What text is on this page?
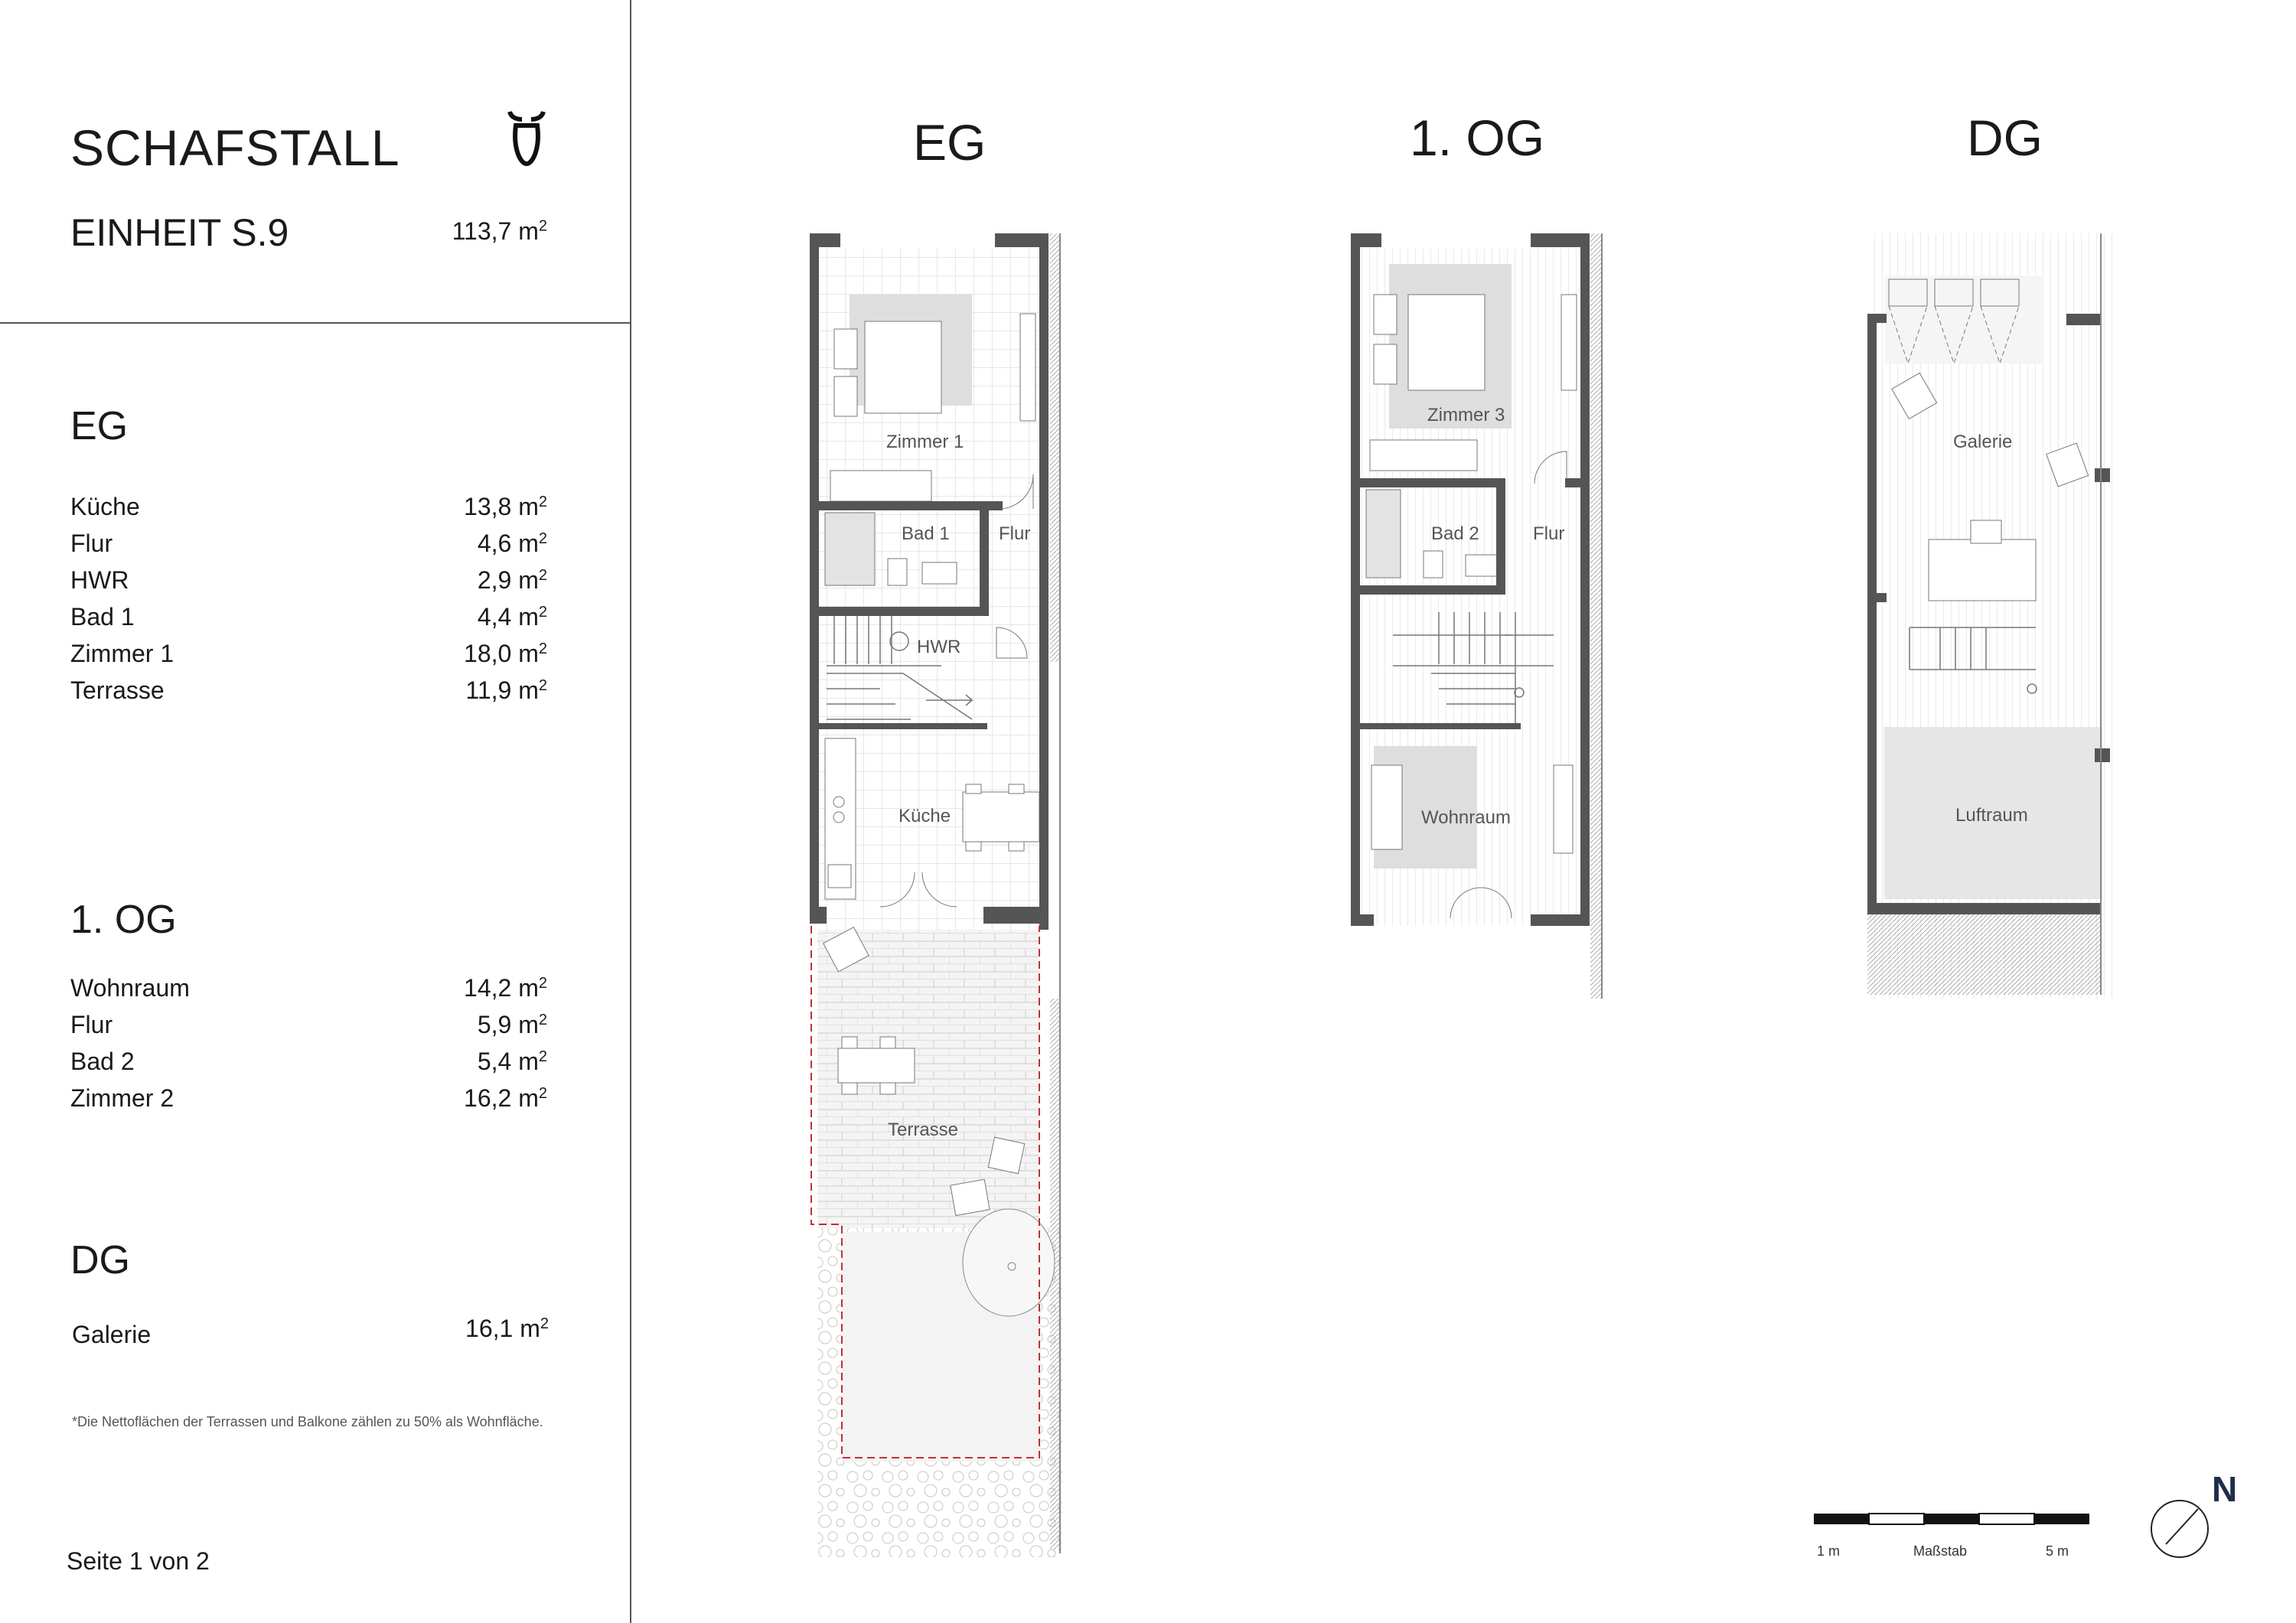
SCHAFSTALL
EINHEIT S.9	113,7 $m^2$
EG
Küche	13,8 $m^2$
Flur	4,6 $m^2$
HWR	2,9 $m^2$
Bad 1	4,4 $m^2$
Zimmer 1	18,0 $m^2$
Terrasse	11,9 $m^2$
1. OG
Wohnraum	14,2 $m^2$
Flur	5,9 $m^2$
Bad 2	5,4 $m^2$
Zimmer 2	16,2 $m^2$
DG
Galerie	16,1 $m^2$
*Die Nettoflächen der Terrassen und Balkone zählen zu 50% als Wohnfläche.
Seite 1 von 2
EG	1. OG	DG
Zimmer 1
Bad 1	Flur
HWR
Küche
Terrasse
Zimmer 3
Bad 2	Flur
Wohnraum
Galerie
Luftraum
1 m	Maßstab	5 m
N
